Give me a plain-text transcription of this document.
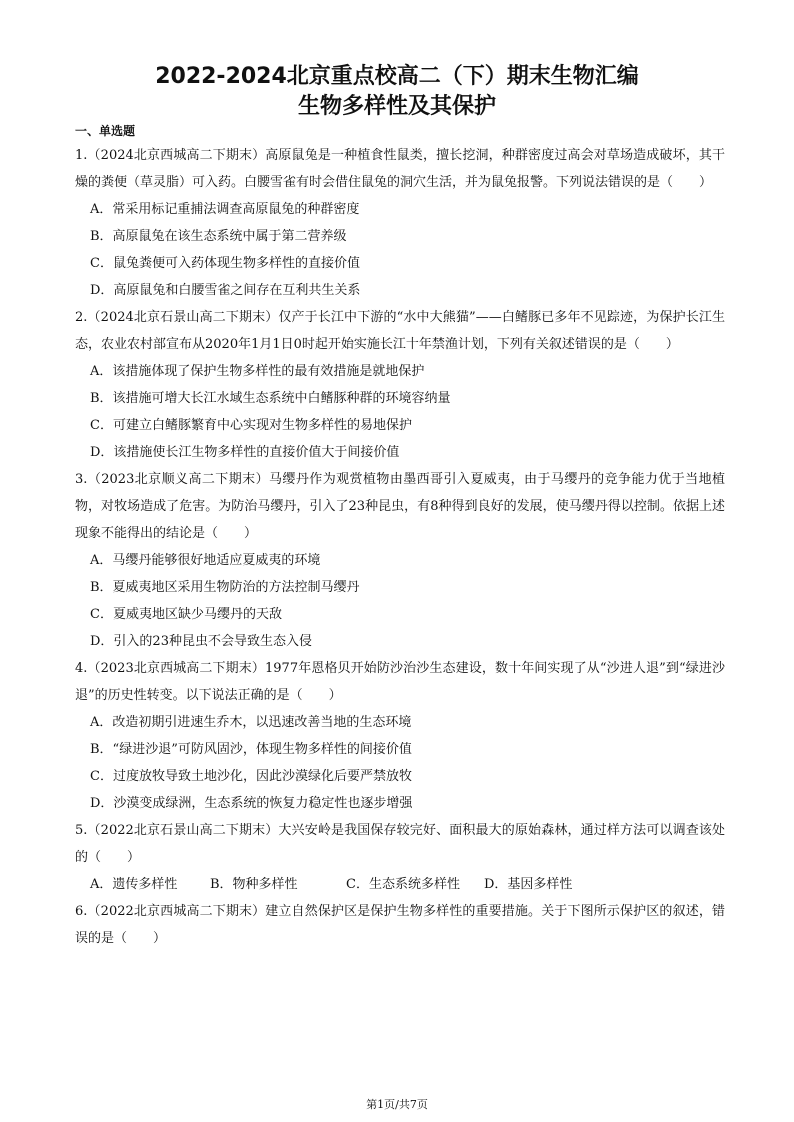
2022-2024北京重点校高二（下）期末生物汇编
生物多样性及其保护

一、单选题

1.（2024北京西城高二下期末）高原鼠兔是一种植食性鼠类，擅长挖洞，种群密度过高会对草场造成破坏，其干燥的粪便（草灵脂）可入药。白腰雪雀有时会借住鼠兔的洞穴生活，并为鼠兔报警。下列说法错误的是（　　）

A．常采用标记重捕法调查高原鼠兔的种群密度

B．高原鼠兔在该生态系统中属于第二营养级

C．鼠兔粪便可入药体现生物多样性的直接价值

D．高原鼠兔和白腰雪雀之间存在互利共生关系

2.（2024北京石景山高二下期末）仅产于长江中下游的“水中大熊猫”——白鳍豚已多年不见踪迹，为保护长江生态，农业农村部宣布从2020年1月1日0时起开始实施长江十年禁渔计划，下列有关叙述错误的是（　　）

A．该措施体现了保护生物多样性的最有效措施是就地保护

B．该措施可增大长江水域生态系统中白鳍豚种群的环境容纳量

C．可建立白鳍豚繁育中心实现对生物多样性的易地保护

D．该措施使长江生物多样性的直接价值大于间接价值

3.（2023北京顺义高二下期末）马缨丹作为观赏植物由墨西哥引入夏威夷，由于马缨丹的竞争能力优于当地植物，对牧场造成了危害。为防治马缨丹，引入了23种昆虫，有8种得到良好的发展，使马缨丹得以控制。依据上述现象不能得出的结论是（　　）

A．马缨丹能够很好地适应夏威夷的环境

B．夏威夷地区采用生物防治的方法控制马缨丹

C．夏威夷地区缺少马缨丹的天敌

D．引入的23种昆虫不会导致生态入侵

4.（2023北京西城高二下期末）1977年恩格贝开始防沙治沙生态建设，数十年间实现了从“沙进人退”到“绿进沙退”的历史性转变。以下说法正确的是（　　）

A．改造初期引进速生乔木，以迅速改善当地的生态环境

B．“绿进沙退”可防风固沙，体现生物多样性的间接价值

C．过度放牧导致土地沙化，因此沙漠绿化后要严禁放牧

D．沙漠变成绿洲，生态系统的恢复力稳定性也逐步增强

5.（2022北京石景山高二下期末）大兴安岭是我国保存较完好、面积最大的原始森林，通过样方法可以调查该处的（　　）

A．遗传多样性	B．物种多样性	C．生态系统多样性	D．基因多样性

6.（2022北京西城高二下期末）建立自然保护区是保护生物多样性的重要措施。关于下图所示保护区的叙述，错误的是（　　）

第1页/共7页
